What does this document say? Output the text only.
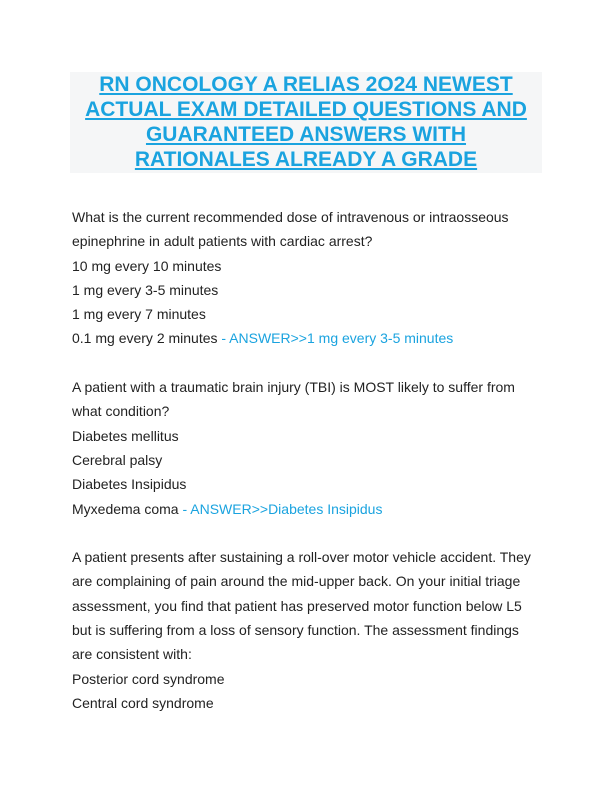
RN ONCOLOGY A RELIAS 2O24 NEWEST
ACTUAL EXAM DETAILED QUESTIONS AND
GUARANTEED ANSWERS WITH
RATIONALES ALREADY A GRADE
What is the current recommended dose of intravenous or intraosseous
epinephrine in adult patients with cardiac arrest?
10 mg every 10 minutes
1 mg every 3-5 minutes
1 mg every 7 minutes
0.1 mg every 2 minutes - ANSWER>>1 mg every 3-5 minutes
A patient with a traumatic brain injury (TBI) is MOST likely to suffer from
what condition?
Diabetes mellitus
Cerebral palsy
Diabetes Insipidus
Myxedema coma - ANSWER>>Diabetes Insipidus
A patient presents after sustaining a roll-over motor vehicle accident. They
are complaining of pain around the mid-upper back. On your initial triage
assessment, you find that patient has preserved motor function below L5
but is suffering from a loss of sensory function. The assessment findings
are consistent with:
Posterior cord syndrome
Central cord syndrome
